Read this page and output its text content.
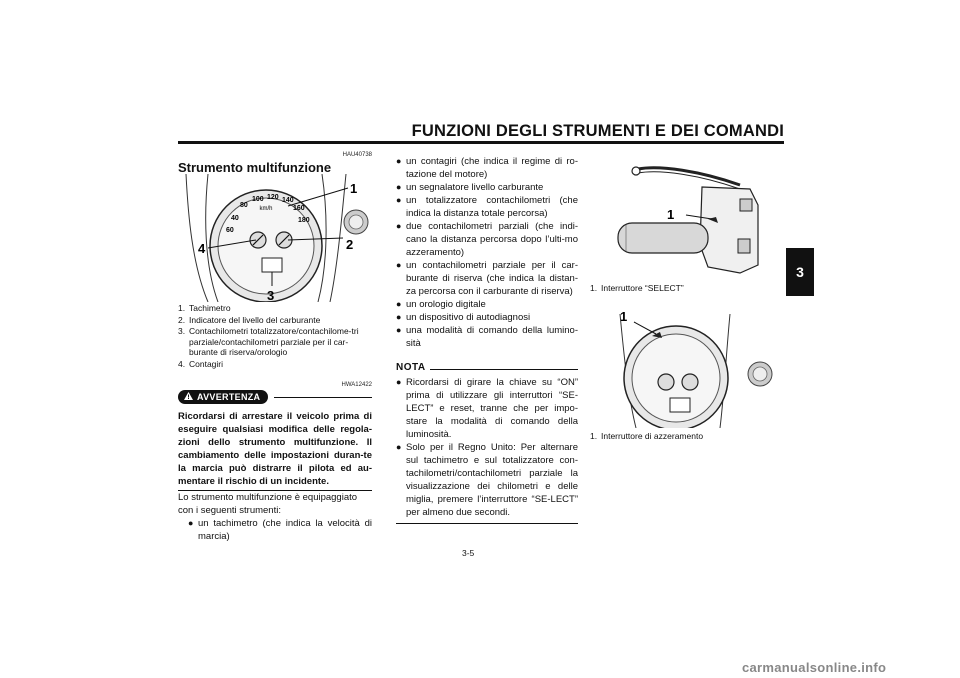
FUNZIONI DEGLI STRUMENTI E DEI COMANDI
3
HAU40738
Strumento multifunzione
km/h
40
60
80
100 120 140
160
180
1
2
3
4
1. Tachimetro
2. Indicatore del livello del carburante
3. Contachilometri totalizzatore/contachilome-tri parziale/contachilometri parziale per il car-burante di riserva/orologio
4. Contagiri
HWA12422
AVVERTENZA
Ricordarsi di arrestare il veicolo prima di eseguire qualsiasi modifica delle regola-zioni dello strumento multifunzione. Il cambiamento delle impostazioni duran-te la marcia può distrarre il pilota ed au-mentare il rischio di un incidente.
Lo strumento multifunzione è equipaggiato con i seguenti strumenti:
● un tachimetro (che indica la velocità di marcia)
● un contagiri (che indica il regime di ro-tazione del motore)
● un segnalatore livello carburante
● un totalizzatore contachilometri (che indica la distanza totale percorsa)
● due contachilometri parziali (che indi-cano la distanza percorsa dopo l’ulti-mo azzeramento)
● un contachilometri parziale per il car-burante di riserva (che indica la distan-za percorsa con il carburante di riserva)
● un orologio digitale
● un dispositivo di autodiagnosi
● una modalità di comando della lumino-sità
NOTA
● Ricordarsi di girare la chiave su “ON” prima di utilizzare gli interruttori “SE-LECT” e reset, tranne che per impo-stare la modalità di comando della luminosità.
● Solo per il Regno Unito: Per alternare sul tachimetro e sul totalizzatore con-tachilometri/contachilometri parziale la visualizzazione dei chilometri e delle miglia, premere l’interruttore “SE-LECT” per almeno due secondi.
1
1. Interruttore “SELECT”
1
1. Interruttore di azzeramento
3-5
carmanualsonline.info
